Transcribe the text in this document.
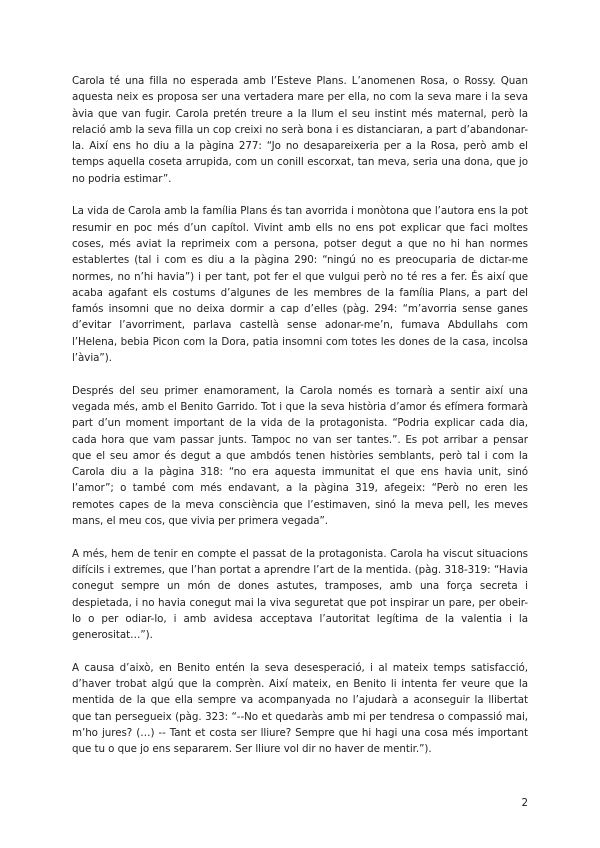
Carola té una filla no esperada amb l’Esteve Plans. L’anomenen Rosa, o Rossy. Quan aquesta neix es proposa ser una vertadera mare per ella, no com la seva mare i la seva àvia que van fugir. Carola pretén treure a la llum el seu instint més maternal, però la relació amb la seva filla un cop creixi no serà bona i es distanciaran, a part d’abandonar-la. Així ens ho diu a la pàgina 277: “Jo no desapareixeria per a la Rosa, però amb el temps aquella coseta arrupida, com un conill escorxat, tan meva, seria una dona, que jo no podria estimar”.

La vida de Carola amb la família Plans és tan avorrida i monòtona que l’autora ens la pot resumir en poc més d’un capítol. Vivint amb ells no ens pot explicar que faci moltes coses, més aviat la reprimeix com a persona, potser degut a que no hi han normes establertes (tal i com es diu a la pàgina 290: “ningú no es preocuparia de dictar-me normes, no n’hi havia”) i per tant, pot fer el que vulgui però no té res a fer. És així que acaba agafant els costums d’algunes de les membres de la família Plans, a part del famós insomni que no deixa dormir a cap d’elles (pàg. 294: “m’avorria sense ganes d’evitar l’avorriment, parlava castellà sense adonar-me’n, fumava Abdullahs com l’Helena, bebia Picon com la Dora, patia insomni com totes les dones de la casa, incolsa l’àvia”).

Després del seu primer enamorament, la Carola només es tornarà a sentir així una vegada més, amb el Benito Garrido. Tot i que la seva història d’amor és efímera formarà part d’un moment important de la vida de la protagonista. “Podria explicar cada dia, cada hora que vam passar junts. Tampoc no van ser tantes.”. Es pot arribar a pensar que el seu amor és degut a que ambdós tenen històries semblants, però tal i com la Carola diu a la pàgina 318: “no era aquesta immunitat el que ens havia unit, sinó l’amor”; o també com més endavant, a la pàgina 319, afegeix: “Però no eren les remotes capes de la meva consciència que l’estimaven, sinó la meva pell, les meves mans, el meu cos, que vivia per primera vegada”.

A més, hem de tenir en compte el passat de la protagonista. Carola ha viscut situacions difícils i extremes, que l’han portat a aprendre l’art de la mentida. (pàg. 318-319: “Havia conegut sempre un món de dones astutes, tramposes, amb una força secreta i despietada, i no havia conegut mai la viva seguretat que pot inspirar un pare, per obeir-lo o per odiar-lo, i amb avidesa acceptava l’autoritat legítima de la valentia i la generositat…”).

A causa d’això, en Benito entén la seva desesperació, i al mateix temps satisfacció, d’haver trobat algú que la comprèn. Així mateix, en Benito li intenta fer veure que la mentida de la que ella sempre va acompanyada no l’ajudarà a aconseguir la llibertat que tan persegueix (pàg. 323: “--No et quedaràs amb mi per tendresa o compassió mai, m’ho jures? (…) -- Tant et costa ser lliure? Sempre que hi hagi una cosa més important que tu o que jo ens separarem. Ser lliure vol dir no haver de mentir.”).

2
